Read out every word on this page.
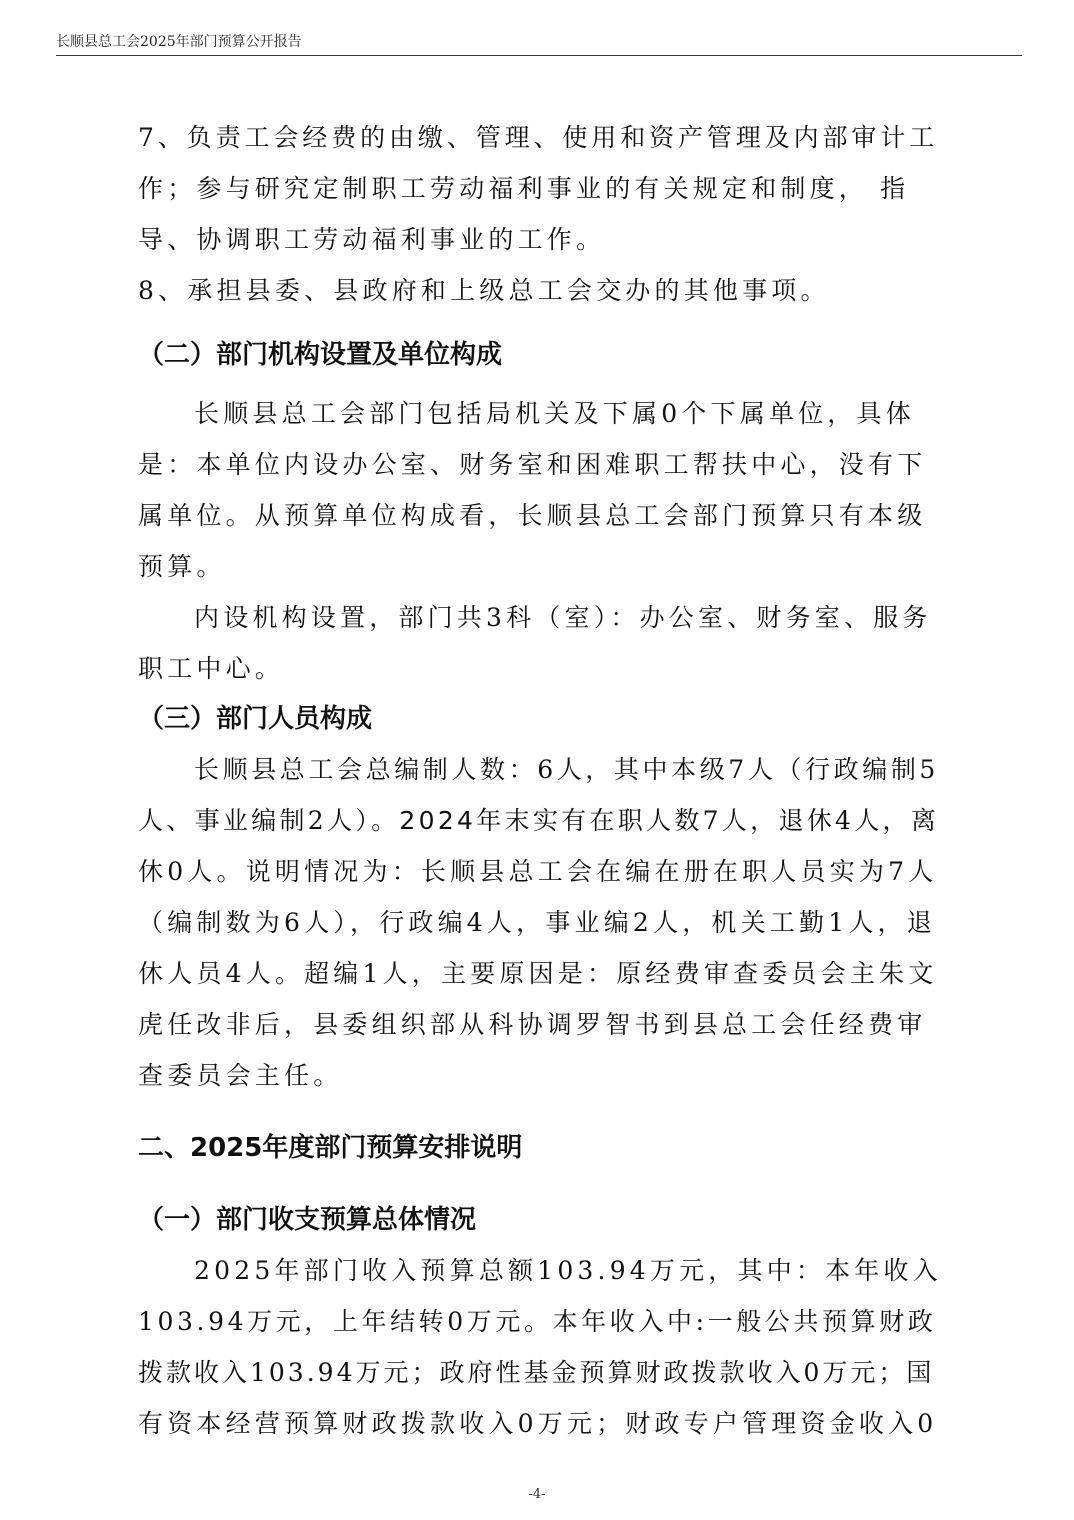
长顺县总工会2025年部门预算公开报告

7、负责工会经费的由缴、管理、使用和资产管理及内部审计工

作；参与研究定制职工劳动福利事业的有关规定和制度， 指

导、协调职工劳动福利事业的工作。

8、承担县委、县政府和上级总工会交办的其他事项。

（二）部门机构设置及单位构成

长顺县总工会部门包括局机关及下属0个下属单位，具体

是：本单位内设办公室、财务室和困难职工帮扶中心，没有下

属单位。从预算单位构成看，长顺县总工会部门预算只有本级

预算。

内设机构设置，部门共3科（室）：办公室、财务室、服务

职工中心。

（三）部门人员构成

长顺县总工会总编制人数：6人，其中本级7人（行政编制5

人、事业编制2人）。2024年末实有在职人数7人，退休4人，离

休0人。说明情况为：长顺县总工会在编在册在职人员实为7人

（编制数为6人），行政编4人，事业编2人，机关工勤1人，退

休人员4人。超编1人，主要原因是：原经费审查委员会主朱文

虎任改非后，县委组织部从科协调罗智书到县总工会任经费审

查委员会主任。

二、2025年度部门预算安排说明
（一）部门收支预算总体情况

2025年部门收入预算总额103.94万元，其中：本年收入

103.94万元，上年结转0万元。本年收入中:一般公共预算财政

拨款收入103.94万元；政府性基金预算财政拨款收入0万元；国

有资本经营预算财政拨款收入0万元；财政专户管理资金收入0

-4-
